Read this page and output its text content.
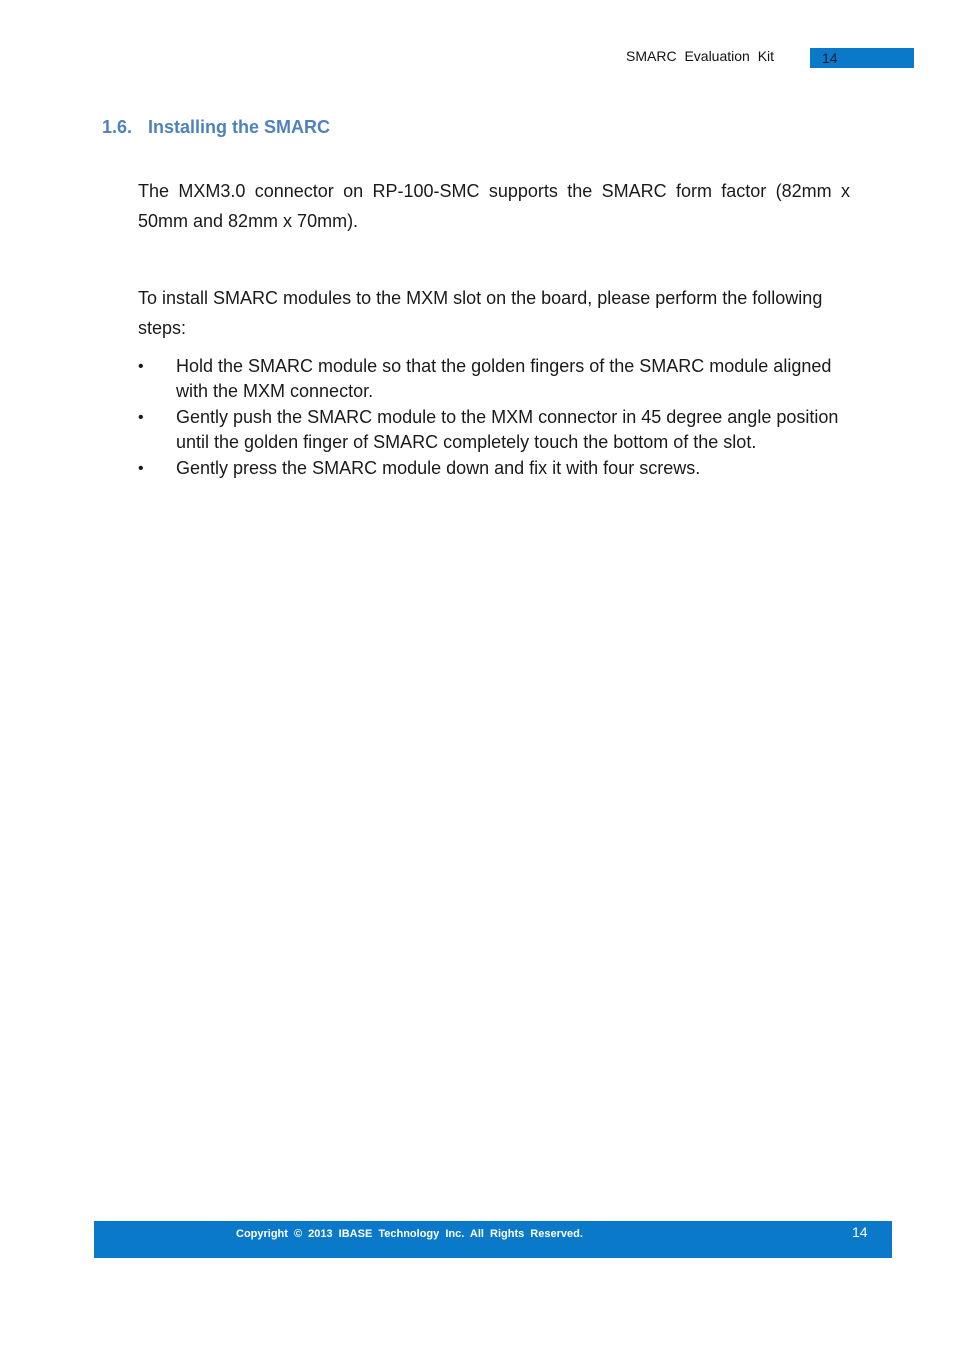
SMARC Evaluation Kit	14
1.6. Installing the SMARC

The MXM3.0 connector on RP-100-SMC supports the SMARC form factor (82mm x 50mm and 82mm x 70mm).

To install SMARC modules to the MXM slot on the board, please perform the following steps:

• Hold the SMARC module so that the golden fingers of the SMARC module aligned with the MXM connector.
• Gently push the SMARC module to the MXM connector in 45 degree angle position until the golden finger of SMARC completely touch the bottom of the slot.
• Gently press the SMARC module down and fix it with four screws.
Copyright © 2013 IBASE Technology Inc. All Rights Reserved.	14
